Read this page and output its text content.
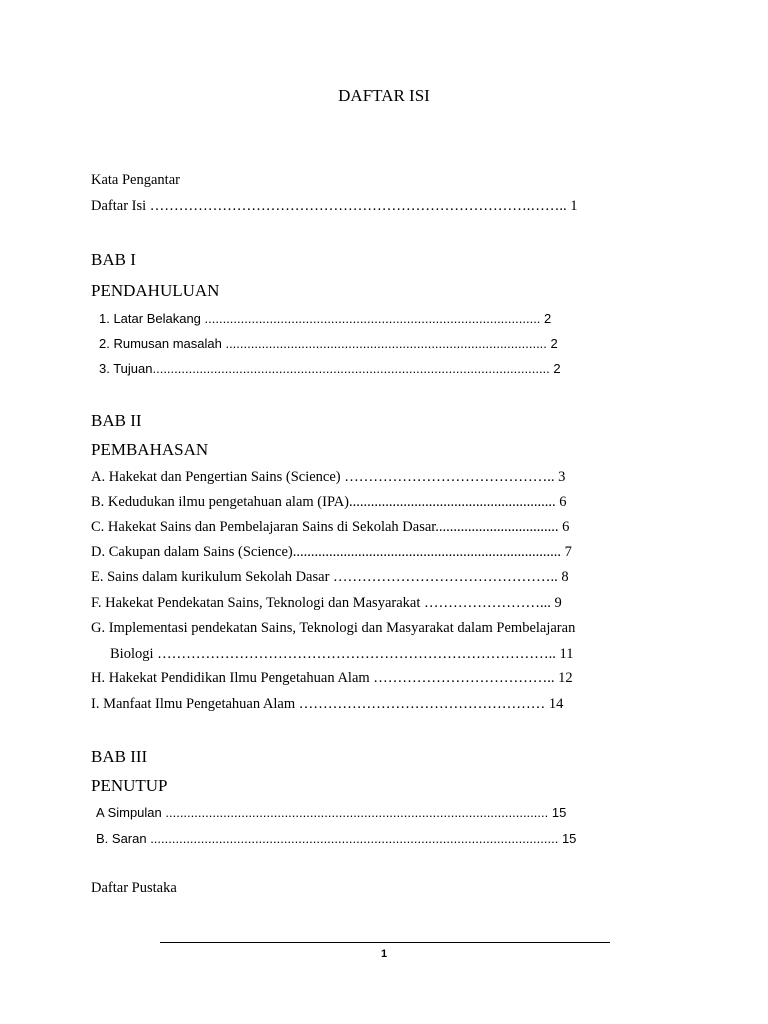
DAFTAR ISI
Kata Pengantar
Daftar Isi …………………………………………………………………….…….. 1
BAB I
PENDAHULUAN
1. Latar Belakang ............................................................................................. 2
2. Rumusan masalah ......................................................................................... 2
3. Tujuan.............................................................................................................. 2
BAB II
PEMBAHASAN
A. Hakekat dan Pengertian Sains (Science) …………………………………….. 3
B. Kedudukan ilmu pengetahuan alam (IPA)......................................................... 6
C. Hakekat Sains dan Pembelajaran Sains di Sekolah Dasar.................................. 6
D. Cakupan dalam Sains (Science).......................................................................... 7
E. Sains dalam kurikulum Sekolah Dasar ……………………………………….. 8
F. Hakekat Pendekatan Sains, Teknologi dan Masyarakat ……………………... 9
G. Implementasi pendekatan Sains, Teknologi dan Masyarakat dalam Pembelajaran
Biologi ……………………………………………………………………….. 11
H. Hakekat Pendidikan Ilmu Pengetahuan Alam ……………………………….. 12
I. Manfaat Ilmu Pengetahuan Alam …………………………………………… 14
BAB III
PENUTUP
A Simpulan .......................................................................................................... 15
B. Saran ................................................................................................................. 15
Daftar Pustaka
1
